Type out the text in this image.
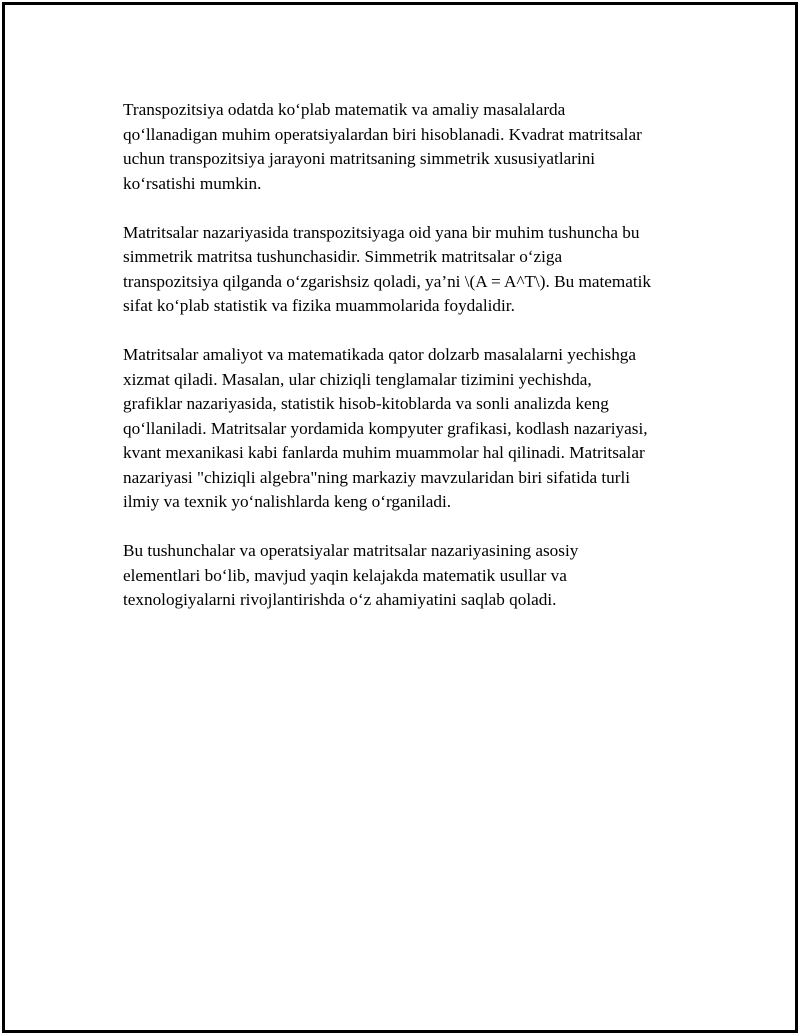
Transpozitsiya odatda ko‘plab matematik va amaliy masalalarda
qo‘llanadigan muhim operatsiyalardan biri hisoblanadi. Kvadrat matritsalar
uchun transpozitsiya jarayoni matritsaning simmetrik xususiyatlarini
ko‘rsatishi mumkin.

Matritsalar nazariyasida transpozitsiyaga oid yana bir muhim tushuncha bu
simmetrik matritsa tushunchasidir. Simmetrik matritsalar o‘ziga
transpozitsiya qilganda o‘zgarishsiz qoladi, ya’ni \(A = A^T\). Bu matematik
sifat ko‘plab statistik va fizika muammolarida foydalidir.

Matritsalar amaliyot va matematikada qator dolzarb masalalarni yechishga
xizmat qiladi. Masalan, ular chiziqli tenglamalar tizimini yechishda,
grafiklar nazariyasida, statistik hisob-kitoblarda va sonli analizda keng
qo‘llaniladi. Matritsalar yordamida kompyuter grafikasi, kodlash nazariyasi,
kvant mexanikasi kabi fanlarda muhim muammolar hal qilinadi. Matritsalar
nazariyasi "chiziqli algebra"ning markaziy mavzularidan biri sifatida turli
ilmiy va texnik yo‘nalishlarda keng o‘rganiladi.

Bu tushunchalar va operatsiyalar matritsalar nazariyasining asosiy
elementlari bo‘lib, mavjud yaqin kelajakda matematik usullar va
texnologiyalarni rivojlantirishda o‘z ahamiyatini saqlab qoladi.
